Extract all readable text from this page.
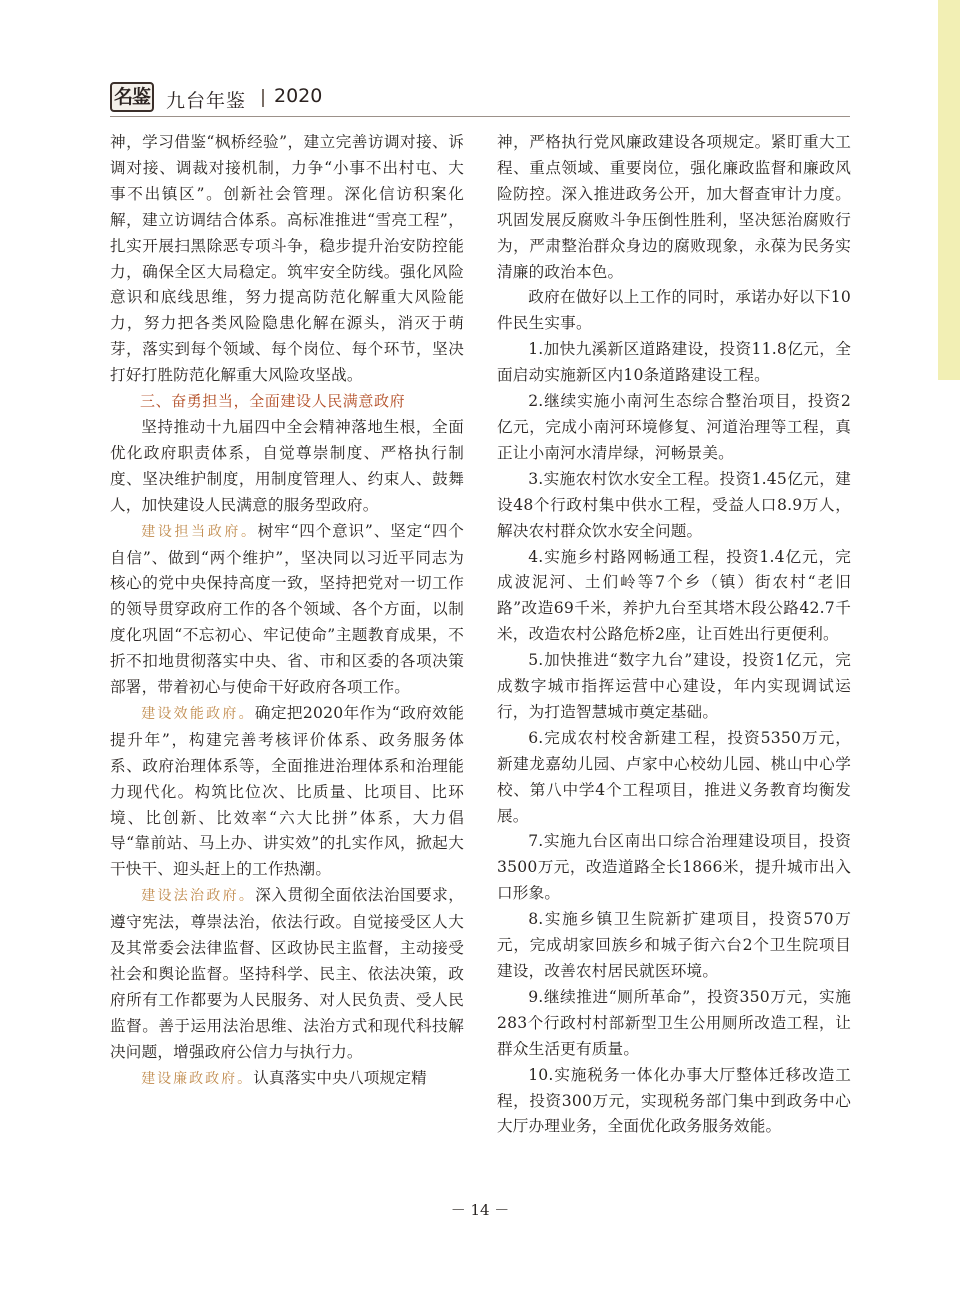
名鉴 九台年鉴 2020

神，学习借鉴“枫桥经验”，建立完善访调对接、诉调对接、调裁对接机制，力争“小事不出村屯、大事不出镇区”。创新社会管理。深化信访积案化解，建立访调结合体系。高标准推进“雪亮工程”，扎实开展扫黑除恶专项斗争，稳步提升治安防控能力，确保全区大局稳定。筑牢安全防线。强化风险意识和底线思维，努力提高防范化解重大风险能力，努力把各类风险隐患化解在源头，消灭于萌芽，落实到每个领域、每个岗位、每个环节，坚决打好打胜防范化解重大风险攻坚战。

三、奋勇担当，全面建设人民满意政府

坚持推动十九届四中全会精神落地生根，全面优化政府职责体系，自觉尊崇制度、严格执行制度、坚决维护制度，用制度管理人、约束人、鼓舞人，加快建设人民满意的服务型政府。

建设担当政府。树牢“四个意识”、坚定“四个自信”、做到“两个维护”，坚决同以习近平同志为核心的党中央保持高度一致，坚持把党对一切工作的领导贯穿政府工作的各个领域、各个方面，以制度化巩固“不忘初心、牢记使命”主题教育成果，不折不扣地贯彻落实中央、省、市和区委的各项决策部署，带着初心与使命干好政府各项工作。

建设效能政府。确定把2020年作为“政府效能提升年”，构建完善考核评价体系、政务服务体系、政府治理体系等，全面推进治理体系和治理能力现代化。构筑比位次、比质量、比项目、比环境、比创新、比效率“六大比拼”体系，大力倡导“靠前站、马上办、讲实效”的扎实作风，掀起大干快干、迎头赶上的工作热潮。

建设法治政府。深入贯彻全面依法治国要求，遵守宪法，尊崇法治，依法行政。自觉接受区人大及其常委会法律监督、区政协民主监督，主动接受社会和舆论监督。坚持科学、民主、依法决策，政府所有工作都要为人民服务、对人民负责、受人民监督。善于运用法治思维、法治方式和现代科技解决问题，增强政府公信力与执行力。

建设廉政政府。认真落实中央八项规定精

神，严格执行党风廉政建设各项规定。紧盯重大工程、重点领域、重要岗位，强化廉政监督和廉政风险防控。深入推进政务公开，加大督查审计力度。巩固发展反腐败斗争压倒性胜利，坚决惩治腐败行为，严肃整治群众身边的腐败现象，永葆为民务实清廉的政治本色。

政府在做好以上工作的同时，承诺办好以下10件民生实事。

1.加快九溪新区道路建设，投资11.8亿元，全面启动实施新区内10条道路建设工程。

2.继续实施小南河生态综合整治项目，投资2亿元，完成小南河环境修复、河道治理等工程，真正让小南河水清岸绿，河畅景美。

3.实施农村饮水安全工程。投资1.45亿元，建设48个行政村集中供水工程，受益人口8.9万人，解决农村群众饮水安全问题。

4.实施乡村路网畅通工程，投资1.4亿元，完成波泥河、土们岭等7个乡（镇）街农村“老旧路”改造69千米，养护九台至其塔木段公路42.7千米，改造农村公路危桥2座，让百姓出行更便利。

5.加快推进“数字九台”建设，投资1亿元，完成数字城市指挥运营中心建设，年内实现调试运行，为打造智慧城市奠定基础。

6.完成农村校舍新建工程，投资5350万元，新建龙嘉幼儿园、卢家中心校幼儿园、桃山中心学校、第八中学4个工程项目，推进义务教育均衡发展。

7.实施九台区南出口综合治理建设项目，投资3500万元，改造道路全长1866米，提升城市出入口形象。

8.实施乡镇卫生院新扩建项目，投资570万元，完成胡家回族乡和城子街六台2个卫生院项目建设，改善农村居民就医环境。

9.继续推进“厕所革命”，投资350万元，实施283个行政村村部新型卫生公用厕所改造工程，让群众生活更有质量。

10.实施税务一体化办事大厅整体迁移改造工程，投资300万元，实现税务部门集中到政务中心大厅办理业务，全面优化政务服务效能。

－ 14 －
